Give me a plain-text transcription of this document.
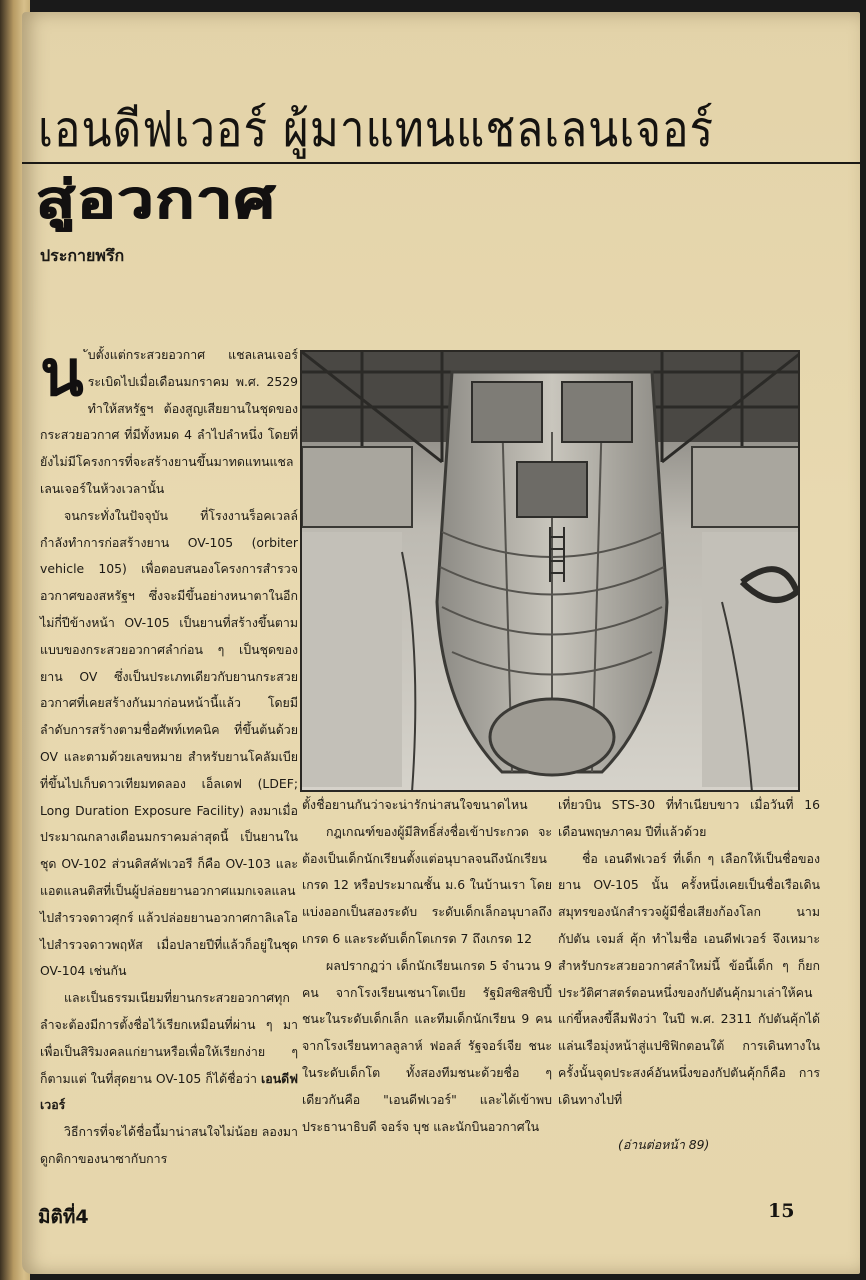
เอนดีฟเวอร์ ผู้มาแทนแชลเลนเจอร์
สู่อวกาศ
ประกายพรึก

น ับตั้งแต่กระสวยอวกาศ แชลเลนเจอร์ ระเบิดไปเมื่อเดือนมกราคม พ.ศ. 2529 ทำให้สหรัฐฯ ต้องสูญเสียยานในชุดของกระสวยอวกาศ ที่มีทั้งหมด 4 ลำไปลำหนึ่ง โดยที่ยังไม่มีโครงการที่จะสร้างยานขึ้นมาทดแทนแชลเลนเจอร์ในห้วงเวลานั้น

จนกระทั่งในปัจจุบัน ที่โรงงานร็อคเวลล์ กำลังทำการก่อสร้างยาน OV-105 (orbiter vehicle 105) เพื่อตอบสนองโครงการสำรวจอวกาศของสหรัฐฯ ซึ่งจะมีขึ้นอย่างหนาตาในอีกไม่กี่ปีข้างหน้า OV-105 เป็นยานที่สร้างขึ้นตามแบบของกระสวยอวกาศลำก่อน ๆ เป็นชุดของยาน OV ซึ่งเป็นประเภทเดียวกับยานกระสวยอวกาศที่เคยสร้างกันมาก่อนหน้านี้แล้ว โดยมีลำดับการสร้างตามชื่อศัพท์เทคนิค ที่ขึ้นต้นด้วย OV และตามด้วยเลขหมาย สำหรับยานโคลัมเบียที่ขึ้นไปเก็บดาวเทียมทดลอง เอ็ลเดฟ (LDEF; Long Duration Exposure Facility) ลงมาเมื่อประมาณกลางเดือนมกราคมล่าสุดนี้ เป็นยานในชุด OV-102 ส่วนดิสคัฟเวอรี ก็คือ OV-103 และแอตแลนติสที่เป็นผู้ปล่อยยานอวกาศแมกเจลแลนไปสำรวจดาวศุกร์ แล้วปล่อยยานอวกาศกาลิเลโอไปสำรวจดาวพฤหัส เมื่อปลายปีที่แล้วก็อยู่ในชุด OV-104 เช่นกัน

และเป็นธรรมเนียมที่ยานกระสวยอวกาศทุกลำจะต้องมีการตั้งชื่อไว้เรียกเหมือนที่ผ่าน ๆ มา เพื่อเป็นสิริมงคลแก่ยานหรือเพื่อให้เรียกง่าย ๆ ก็ตามแต่ ในที่สุดยาน OV-105 ก็ได้ชื่อว่า เอนดีฟเวอร์

วิธีการที่จะได้ชื่อนี้มาน่าสนใจไม่น้อย ลองมาดูกติกาของนาซากับการ

ตั้งชื่อยานกันว่าจะน่ารักน่าสนใจขนาดไหน

กฎเกณฑ์ของผู้มีสิทธิ์ส่งชื่อเข้าประกวด จะต้องเป็นเด็กนักเรียนตั้งแต่อนุบาลจนถึงนักเรียนเกรด 12 หรือประมาณชั้น ม.6 ในบ้านเรา โดยแบ่งออกเป็นสองระดับ ระดับเด็กเล็กอนุบาลถึงเกรด 6 และระดับเด็กโตเกรด 7 ถึงเกรด 12

ผลปรากฏว่า เด็กนักเรียนเกรด 5 จำนวน 9 คน จากโรงเรียนเซนาโตเบีย รัฐมิสซิสซิปปี้ ชนะในระดับเด็กเล็ก และทีมเด็กนักเรียน 9 คน จากโรงเรียนทาลลูลาห์ ฟอลส์ รัฐจอร์เจีย ชนะในระดับเด็กโต ทั้งสองทีมชนะด้วยชื่อ ๆ เดียวกันคือ "เอนดีฟเวอร์" และได้เข้าพบประธานาธิบดี จอร์จ บุช และนักบินอวกาศใน

เที่ยวบิน STS-30 ที่ทำเนียบขาว เมื่อวันที่ 16 เดือนพฤษภาคม ปีที่แล้วด้วย

ชื่อ เอนดีฟเวอร์ ที่เด็ก ๆ เลือกให้เป็นชื่อของยาน OV-105 นั้น ครั้งหนึ่งเคยเป็นชื่อเรือเดินสมุทรของนักสำรวจผู้มีชื่อเสียงก้องโลก นาม กัปตัน เจมส์ คุ้ก ทำไมชื่อ เอนดีฟเวอร์ จึงเหมาะสำหรับกระสวยอวกาศลำใหม่นี้ ข้อนี้เด็ก ๆ ก็ยกประวัติศาสตร์ตอนหนึ่งของกัปตันคุ้กมาเล่าให้คนแก่ขี้หลงขี้ลืมฟังว่า ในปี พ.ศ. 2311 กัปตันคุ้กได้แล่นเรือมุ่งหน้าสู่แปซิฟิกตอนใต้ การเดินทางในครั้งนั้นจุดประสงค์อันหนึ่งของกัปตันคุ้กก็คือ การเดินทางไปที่

(อ่านต่อหน้า 89)
มิติที่4	15
